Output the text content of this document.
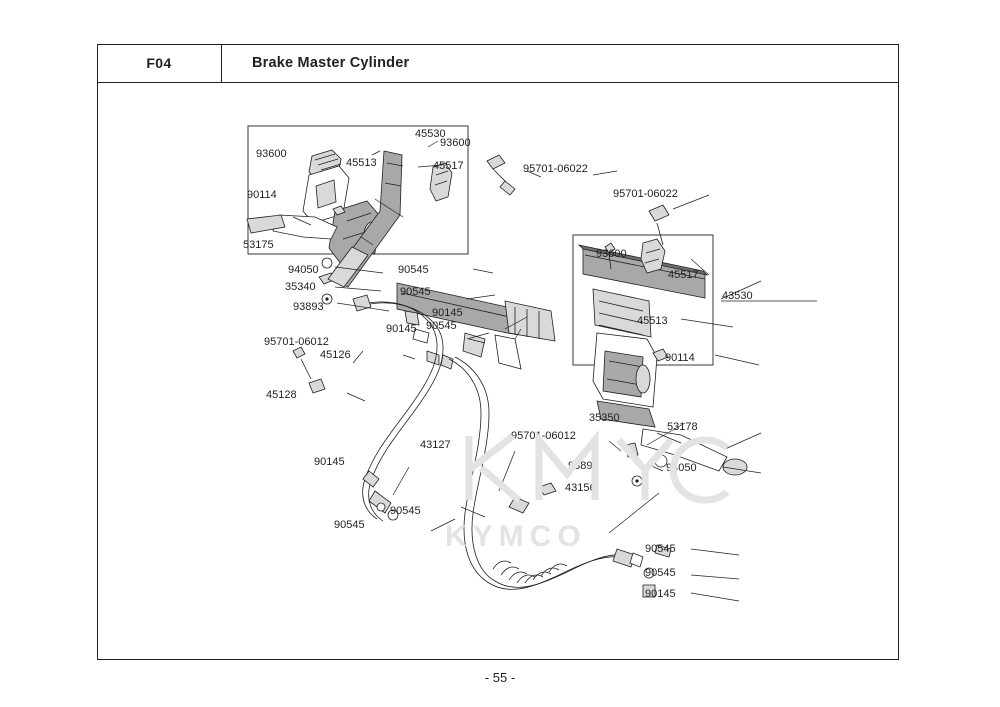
F04	Brake Master Cylinder
93600
45530
93600
45513	45517	95701-06022
95701-06022
90114
53175
93600
45517
94050	90545
35340	90545	43530
93893	90145
45513
90145 90545
95701-06012
45126	90114
45128
35350
53178
43127
95701-06012
93893	94050
90145
43156
90545
90545
90545
90545
90145
KYMCO
- 55 -
